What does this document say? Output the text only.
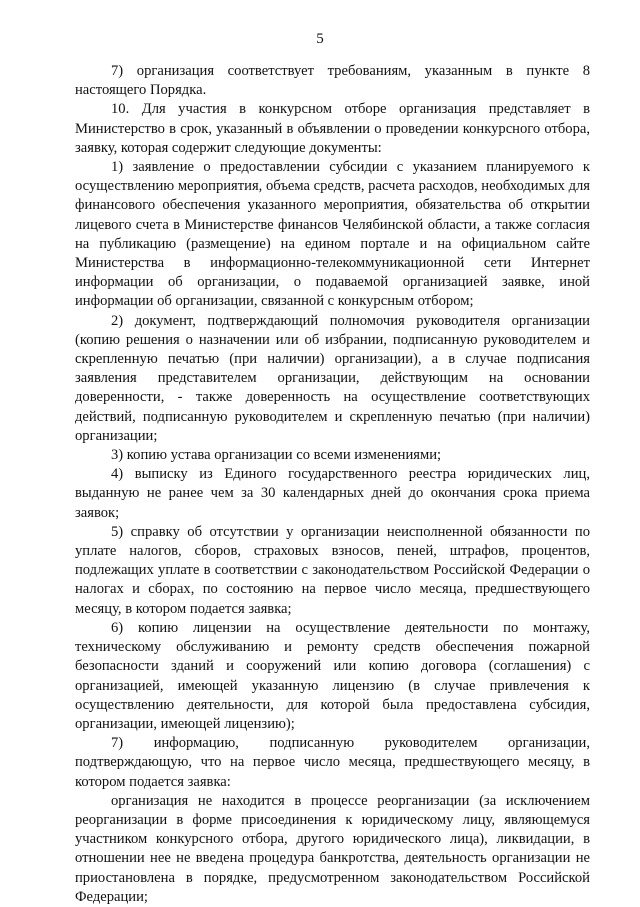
5

7) организация соответствует требованиям, указанным в пункте 8 настоящего Порядка.

10. Для участия в конкурсном отборе организация представляет в Министерство в срок, указанный в объявлении о проведении конкурсного отбора, заявку, которая содержит следующие документы:

1) заявление о предоставлении субсидии с указанием планируемого к осуществлению мероприятия, объема средств, расчета расходов, необходимых для финансового обеспечения указанного мероприятия, обязательства об открытии лицевого счета в Министерстве финансов Челябинской области, а также согласия на публикацию (размещение) на едином портале и на официальном сайте Министерства в информационно-телекоммуникационной сети Интернет информации об организации, о подаваемой организацией заявке, иной информации об организации, связанной с конкурсным отбором;

2) документ, подтверждающий полномочия руководителя организации (копию решения о назначении или об избрании, подписанную руководителем и скрепленную печатью (при наличии) организации), а в случае подписания заявления представителем организации, действующим на основании доверенности, - также доверенность на осуществление соответствующих действий, подписанную руководителем и скрепленную печатью (при наличии) организации;

3) копию устава организации со всеми изменениями;

4) выписку из Единого государственного реестра юридических лиц, выданную не ранее чем за 30 календарных дней до окончания срока приема заявок;

5) справку об отсутствии у организации неисполненной обязанности по уплате налогов, сборов, страховых взносов, пеней, штрафов, процентов, подлежащих уплате в соответствии с законодательством Российской Федерации о налогах и сборах, по состоянию на первое число месяца, предшествующего месяцу, в котором подается заявка;

6) копию лицензии на осуществление деятельности по монтажу, техническому обслуживанию и ремонту средств обеспечения пожарной безопасности зданий и сооружений или копию договора (соглашения) с организацией, имеющей указанную лицензию (в случае привлечения к осуществлению деятельности, для которой была предоставлена субсидия, организации, имеющей лицензию);

7) информацию, подписанную руководителем организации, подтверждающую, что на первое число месяца, предшествующего месяцу, в котором подается заявка:

организация не находится в процессе реорганизации (за исключением реорганизации в форме присоединения к юридическому лицу, являющемуся участником конкурсного отбора, другого юридического лица), ликвидации, в отношении нее не введена процедура банкротства, деятельность организации не приостановлена в порядке, предусмотренном законодательством Российской Федерации;
